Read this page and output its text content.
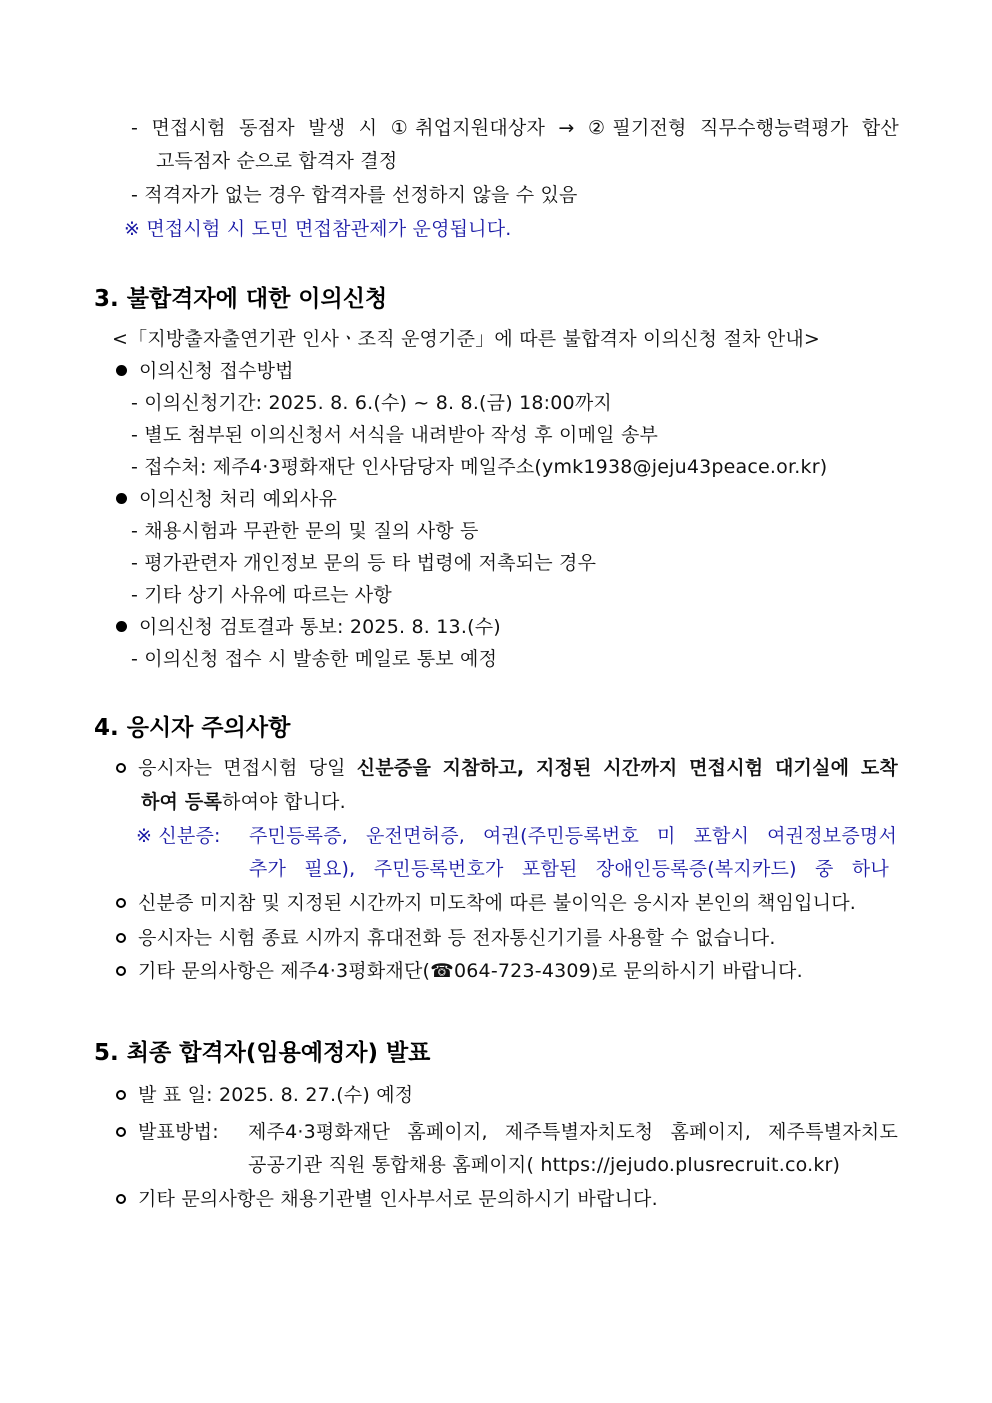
- 면접시험 동점자 발생 시 ①취업지원대상자 → ②필기전형 직무수행능력평가 합산
고득점자 순으로 합격자 결정
- 적격자가 없는 경우 합격자를 선정하지 않을 수 있음
※ 면접시험 시 도민 면접참관제가 운영됩니다.
3. 불합격자에 대한 이의신청
<「지방출자출연기관 인사ㆍ조직 운영기준」에 따른 불합격자 이의신청 절차 안내>
이의신청 접수방법
- 이의신청기간: 2025. 8. 6.(수) ~ 8. 8.(금) 18:00까지
- 별도 첨부된 이의신청서 서식을 내려받아 작성 후 이메일 송부
- 접수처: 제주4·3평화재단 인사담당자 메일주소(ymk1938@jeju43peace.or.kr)
이의신청 처리 예외사유
- 채용시험과 무관한 문의 및 질의 사항 등
- 평가관련자 개인정보 문의 등 타 법령에 저촉되는 경우
- 기타 상기 사유에 따르는 사항
이의신청 검토결과 통보: 2025. 8. 13.(수)
- 이의신청 접수 시 발송한 메일로 통보 예정
4. 응시자 주의사항
응시자는 면접시험 당일 신분증을 지참하고, 지정된 시간까지 면접시험 대기실에 도착
하여 등록하여야 합니다.
※ 신분증: 주민등록증, 운전면허증, 여권(주민등록번호 미 포함시 여권정보증명서
추가 필요), 주민등록번호가 포함된 장애인등록증(복지카드) 중 하나
신분증 미지참 및 지정된 시간까지 미도착에 따른 불이익은 응시자 본인의 책임입니다.
응시자는 시험 종료 시까지 휴대전화 등 전자통신기기를 사용할 수 없습니다.
기타 문의사항은 제주4·3평화재단(☎064-723-4309)로 문의하시기 바랍니다.
5. 최종 합격자(임용예정자) 발표
발 표 일: 2025. 8. 27.(수) 예정
발표방법: 제주4·3평화재단 홈페이지, 제주특별자치도청 홈페이지, 제주특별자치도
공공기관 직원 통합채용 홈페이지( https://jejudo.plusrecruit.co.kr)
기타 문의사항은 채용기관별 인사부서로 문의하시기 바랍니다.
